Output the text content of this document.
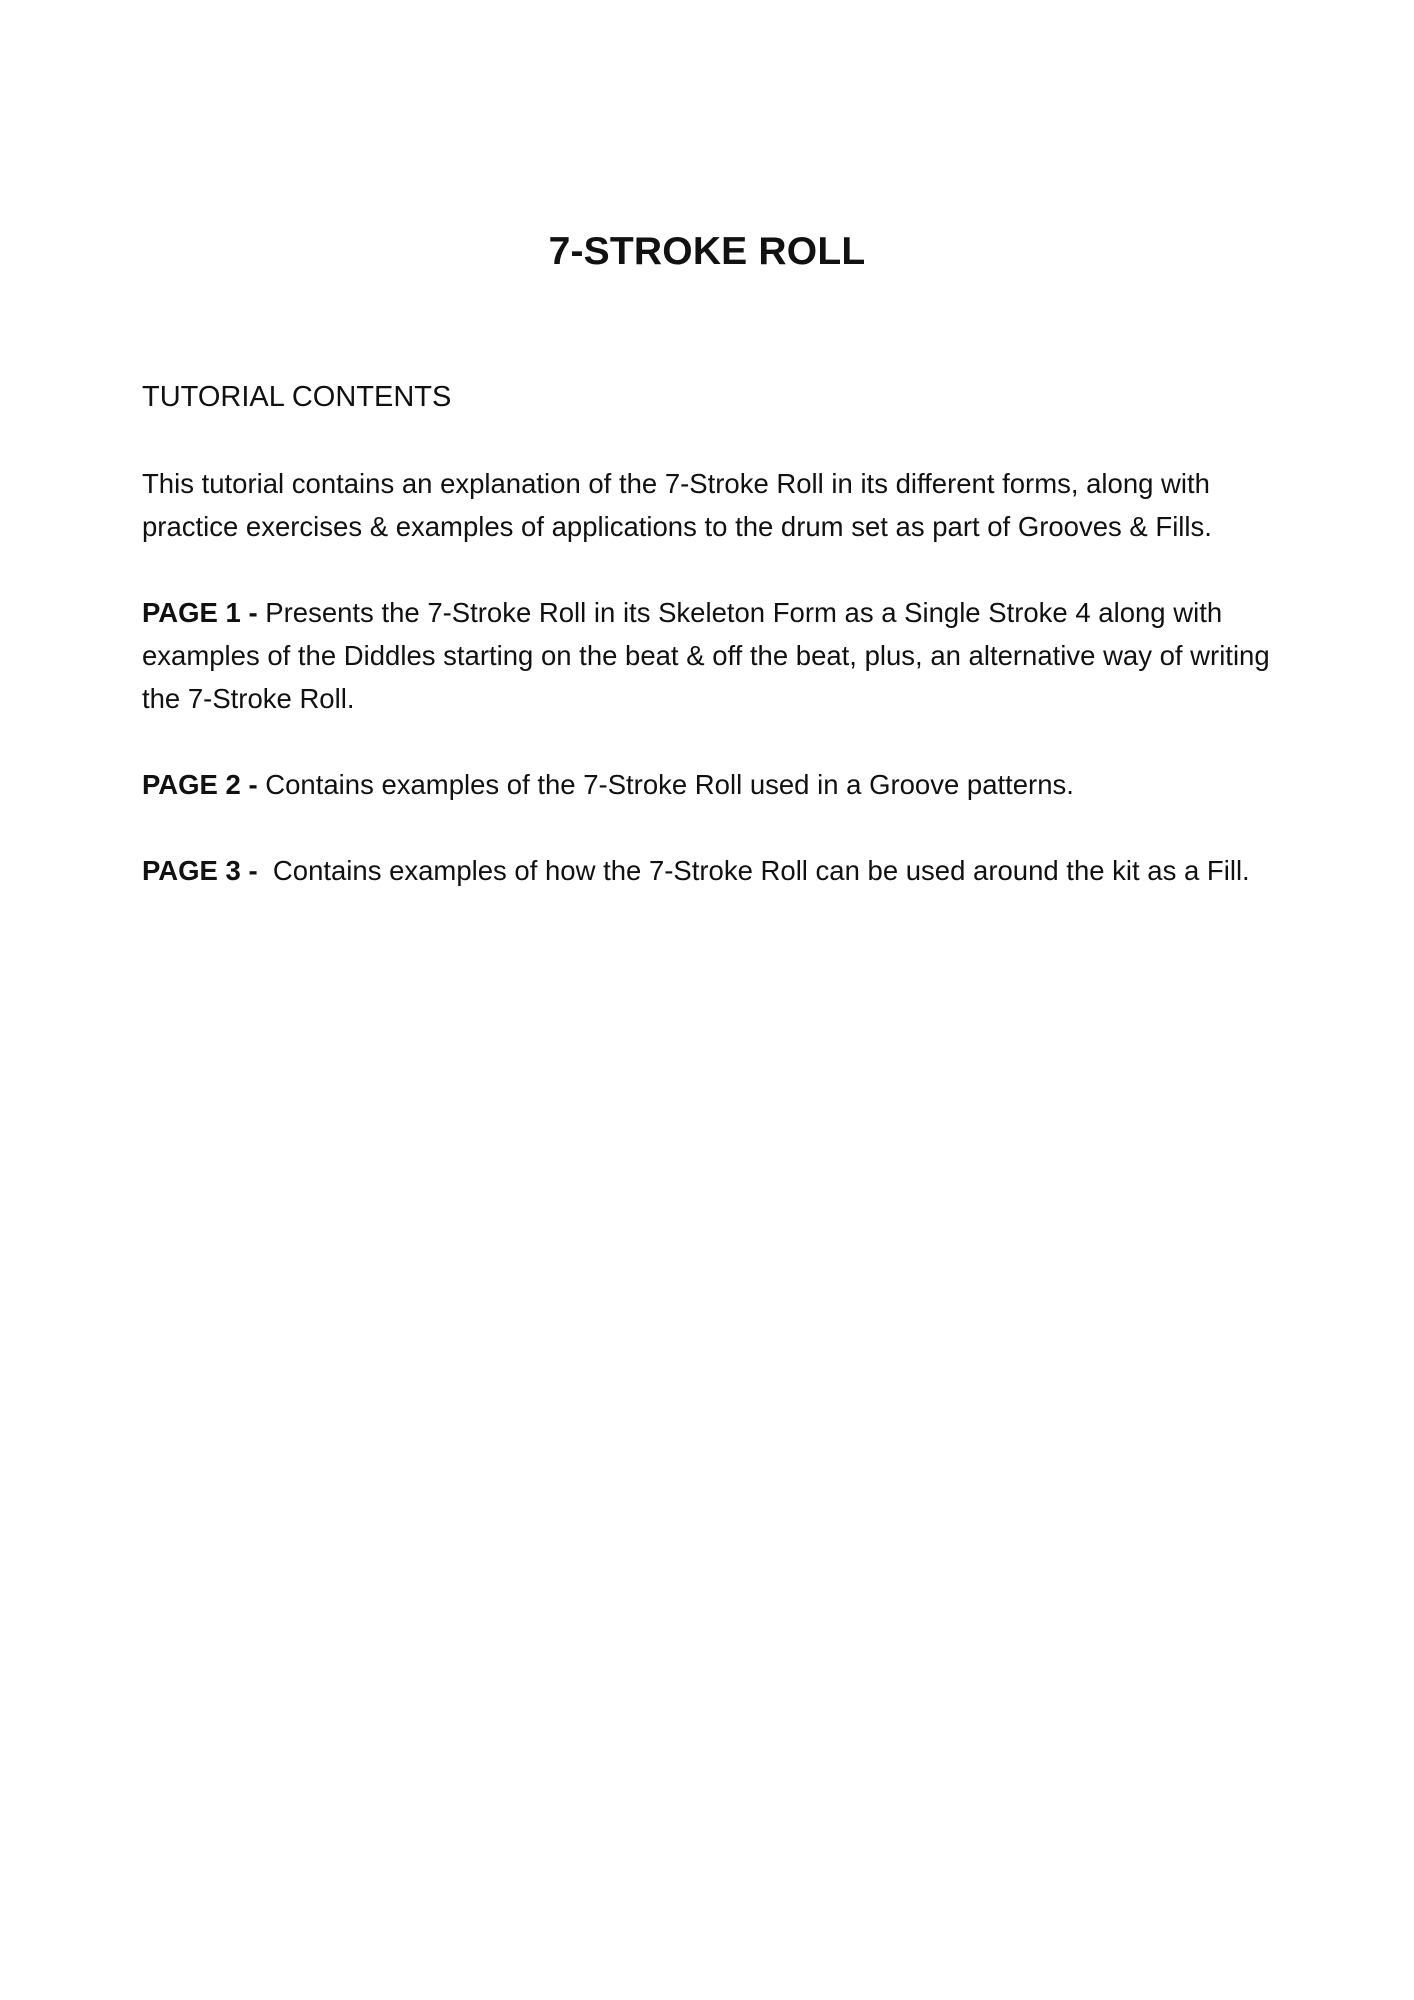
7-STROKE ROLL
TUTORIAL CONTENTS

This tutorial contains an explanation of the 7-Stroke Roll in its different forms, along with practice exercises & examples of applications to the drum set as part of Grooves & Fills.

PAGE 1 - Presents the 7-Stroke Roll in its Skeleton Form as a Single Stroke 4 along with examples of the Diddles starting on the beat & off the beat, plus, an alternative way of writing the 7-Stroke Roll.

PAGE 2 - Contains examples of the 7-Stroke Roll used in a Groove patterns.

PAGE 3 -  Contains examples of how the 7-Stroke Roll can be used around the kit as a Fill.
